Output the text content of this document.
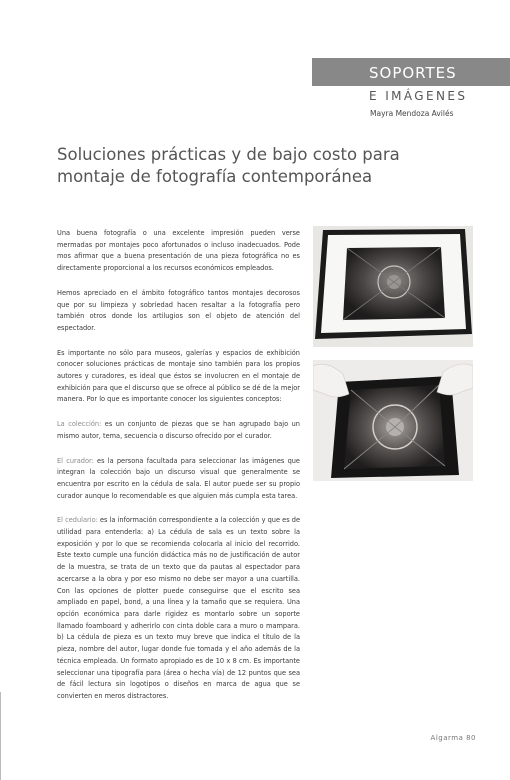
SOPORTES
E IMÁGENES
Mayra Mendoza Avilés
Soluciones prácticas y de bajo costo para montaje de fotografía contemporánea

Una buena fotografía o una excelente impresión pueden verse mermadas por montajes poco afortunados o incluso inadecuados. Pode mos afirmar que a buena presentación de una pieza fotográfica no es directamente proporcional a los recursos económicos empleados.

Hemos apreciado en el ámbito fotográfico tantos montajes decorosos que por su limpieza y sobriedad hacen resaltar a la fotografía pero también otros donde los artilugios son el objeto de atención del espectador.

Es importante no sólo para museos, galerías y espacios de exhibición conocer soluciones prácticas de montaje sino también para los propios autores y curadores, es ideal que éstos se involucren en el montaje de exhibición para que el discurso que se ofrece al público se dé de la mejor manera. Por lo que es importante conocer los siguientes conceptos:

La colección: es un conjunto de piezas que se han agrupado bajo un mismo autor, tema, secuencia o discurso ofrecido por el curador.

El curador: es la persona facultada para seleccionar las imágenes que integran la colección bajo un discurso visual que generalmente se encuentra por escrito en la cédula de sala. El autor puede ser su propio curador aunque lo recomendable es que alguien más cumpla esta tarea.

El cedulario: es la información correspondiente a la colección y que es de utilidad para entenderla: a) La cédula de sala es un texto sobre la exposición y por lo que se recomienda colocarla al inicio del recorrido. Este texto cumple una función didáctica más no de justificación de autor de la muestra, se trata de un texto que da pautas al espectador para acercarse a la obra y por eso mismo no debe ser mayor a una cuartilla. Con las opciones de plotter puede conseguirse que el escrito sea ampliado en papel, bond, a una línea y la tamaño que se requiera. Una opción económica para darle rigidez es montarlo sobre un soporte llamado foamboard y adherirlo con cinta doble cara a muro o mampara. b) La cédula de pieza es un texto muy breve que indica el título de la pieza, nombre del autor, lugar donde fue tomada y el año además de la técnica empleada. Un formato apropiado es de 10 x 8 cm. Es importante seleccionar una tipografía para (área o hecha vía) de 12 puntos que sea de fácil lectura sin logotipos o diseños en marca de agua que se convierten en meros distractores.

Algarma 80
